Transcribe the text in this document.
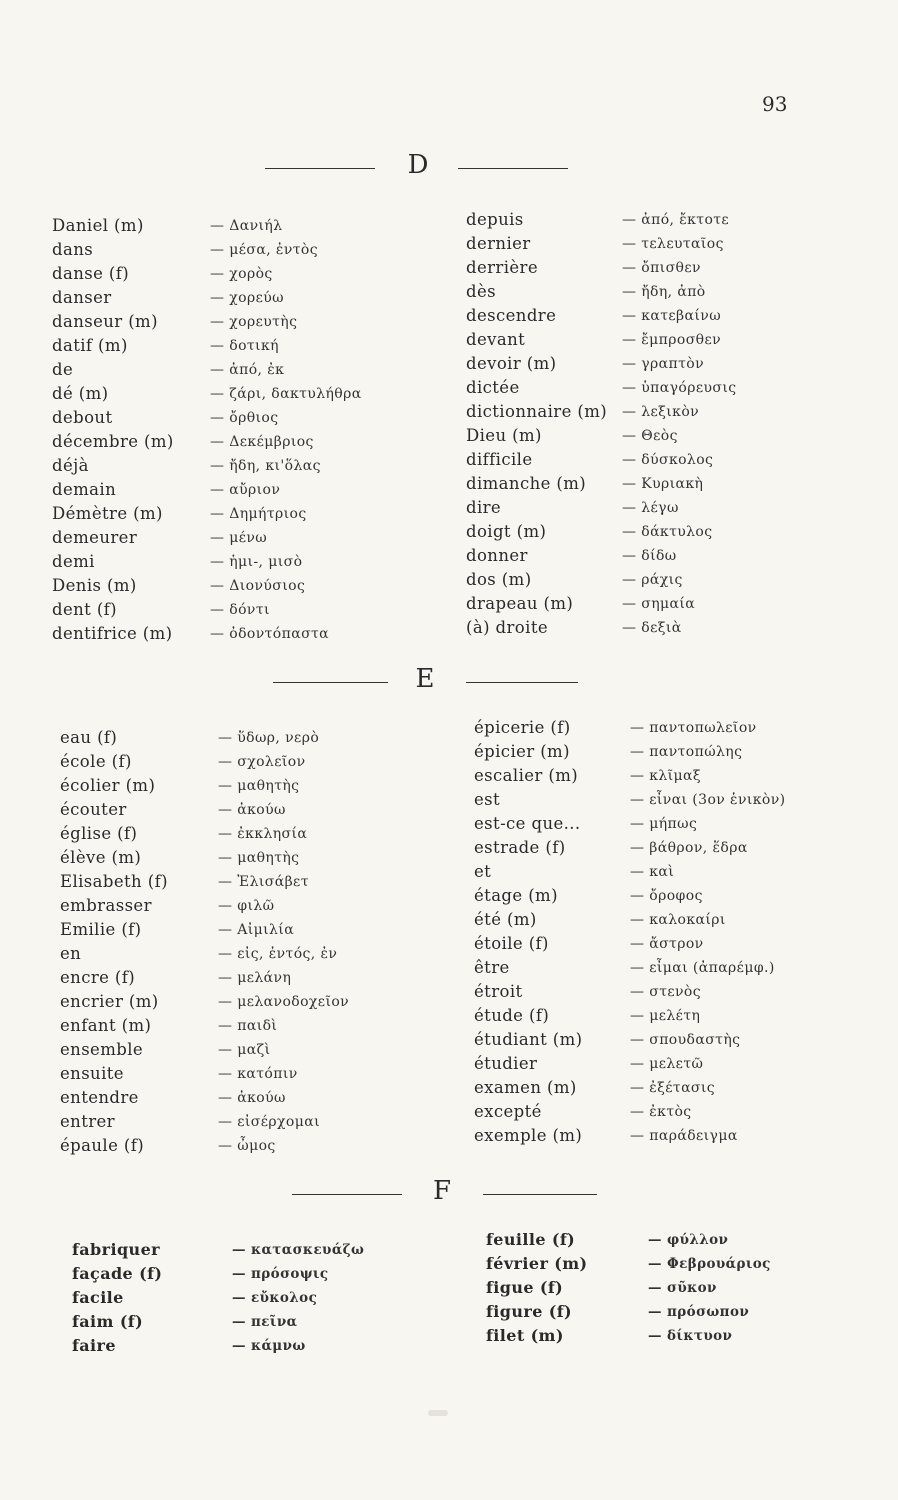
93
D
Daniel (m)	— Δανιήλ
dans	— μέσα, ἐντὸς
danse (f)	— χορὸς
danser	— χορεύω
danseur (m)	— χορευτὴς
datif (m)	— δοτική
de	— ἀπό, ἐκ
dé (m)	— ζάρι, δακτυλήθρα
debout	— ὄρθιος
décembre (m)	— Δεκέμβριος
déjà	— ἤδη, κι'ὅλας
demain	— αὔριον
Démètre (m)	— Δημήτριος
demeurer	— μένω
demi	— ἡμι-, μισὸ
Denis (m)	— Διονύσιος
dent (f)	— δόντι
dentifrice (m)	— ὀδοντόπαστα
depuis	— ἀπό, ἔκτοτε
dernier	— τελευταῖος
derrière	— ὄπισθεν
dès	— ἤδη, ἀπὸ
descendre	— κατεβαίνω
devant	— ἔμπροσθεν
devoir (m)	— γραπτὸν
dictée	— ὑπαγόρευσις
dictionnaire (m) — λεξικὸν
Dieu (m)	— Θεὸς
difficile	— δύσκολος
dimanche (m)	— Κυριακὴ
dire	— λέγω
doigt (m)	— δάκτυλος
donner	— δίδω
dos (m)	— ράχις
drapeau (m)	— σημαία
(à) droite	— δεξιὰ
E
eau (f)	— ὕδωρ, νερὸ
école (f)	— σχολεῖον
écolier (m)	— μαθητὴς
écouter	— ἀκούω
église (f)	— ἐκκλησία
élève (m)	— μαθητὴς
Elisabeth (f)	— Ἐλισάβετ
embrasser	— φιλῶ
Emilie (f)	— Αἰμιλία
en	— εἰς, ἐντός, ἐν
encre (f)	— μελάνη
encrier (m)	— μελανοδοχεῖον
enfant (m)	— παιδὶ
ensemble	— μαζὶ
ensuite	— κατόπιν
entendre	— ἀκούω
entrer	— εἰσέρχομαι
épaule (f)	— ὦμος
épicerie (f)	— παντοπωλεῖον
épicier (m)	— παντοπώλης
escalier (m)	— κλῖμαξ
est	— εἶναι (3ον ἑνικὸν)
est-ce que...	— μήπως
estrade (f)	— βάθρον, ἕδρα
et	— καὶ
étage (m)	— ὄροφος
été (m)	— καλοκαίρι
étoile (f)	— ἄστρον
être	— εἶμαι (ἀπαρέμφ.)
étroit	— στενὸς
étude (f)	— μελέτη
étudiant (m)	— σπουδαστὴς
étudier	— μελετῶ
examen (m)	— ἐξέτασις
excepté	— ἐκτὸς
exemple (m)	— παράδειγμα
F
fabriquer	— κατασκευάζω
façade (f)	— πρόσοψις
facile	— εὔκολος
faim (f)	— πεῖνα
faire	— κάμνω
feuille (f)	— φύλλον
février (m)	— Φεβρουάριος
figue (f)	— σῦκον
figure (f)	— πρόσωπον
filet (m)	— δίκτυον
